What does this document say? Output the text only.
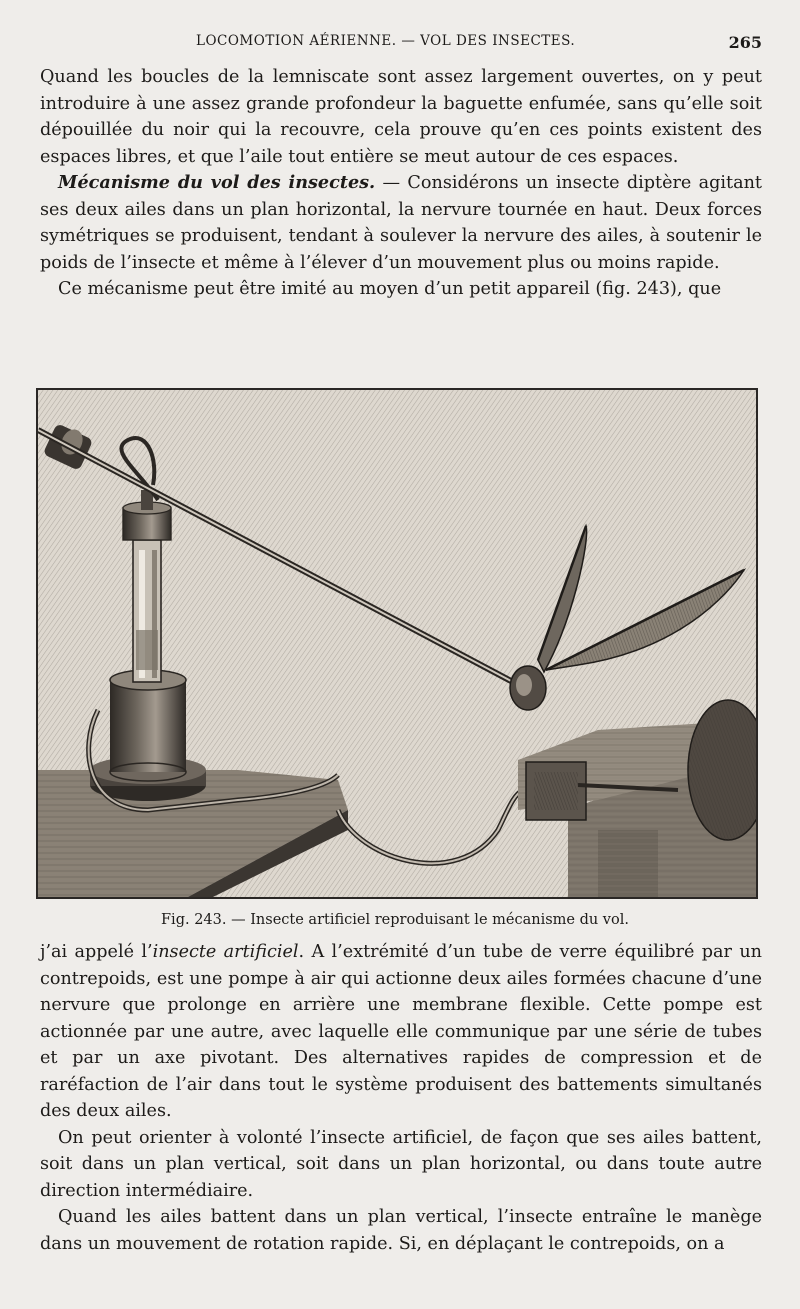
LOCOMOTION AÉRIENNE. — VOL DES INSECTES.	265

Quand les boucles de la lemniscate sont assez largement ouvertes, on y peut introduire à une assez grande profondeur la baguette enfumée, sans qu’elle soit dépouillée du noir qui la recouvre, cela prouve qu’en ces points existent des espaces libres, et que l’aile tout entière se meut autour de ces espaces.

Mécanisme du vol des insectes. — Considérons un insecte diptère agitant ses deux ailes dans un plan horizontal, la nervure tournée en haut. Deux forces symétriques se produisent, tendant à soulever la nervure des ailes, à soutenir le poids de l’insecte et même à l’élever d’un mouvement plus ou moins rapide.

Ce mécanisme peut être imité au moyen d’un petit appareil (fig. 243), que

Fig. 243. — Insecte artificiel reproduisant le mécanisme du vol.

j’ai appelé l’insecte artificiel. A l’extrémité d’un tube de verre équilibré par un contrepoids, est une pompe à air qui actionne deux ailes formées chacune d’une nervure que prolonge en arrière une membrane flexible. Cette pompe est actionnée par une autre, avec laquelle elle communique par une série de tubes et par un axe pivotant. Des alternatives rapides de compression et de raréfaction de l’air dans tout le système produisent des battements simultanés des deux ailes.

On peut orienter à volonté l’insecte artificiel, de façon que ses ailes battent, soit dans un plan vertical, soit dans un plan horizontal, ou dans toute autre direction intermédiaire.

Quand les ailes battent dans un plan vertical, l’insecte entraîne le manège dans un mouvement de rotation rapide. Si, en déplaçant le contrepoids, on a
